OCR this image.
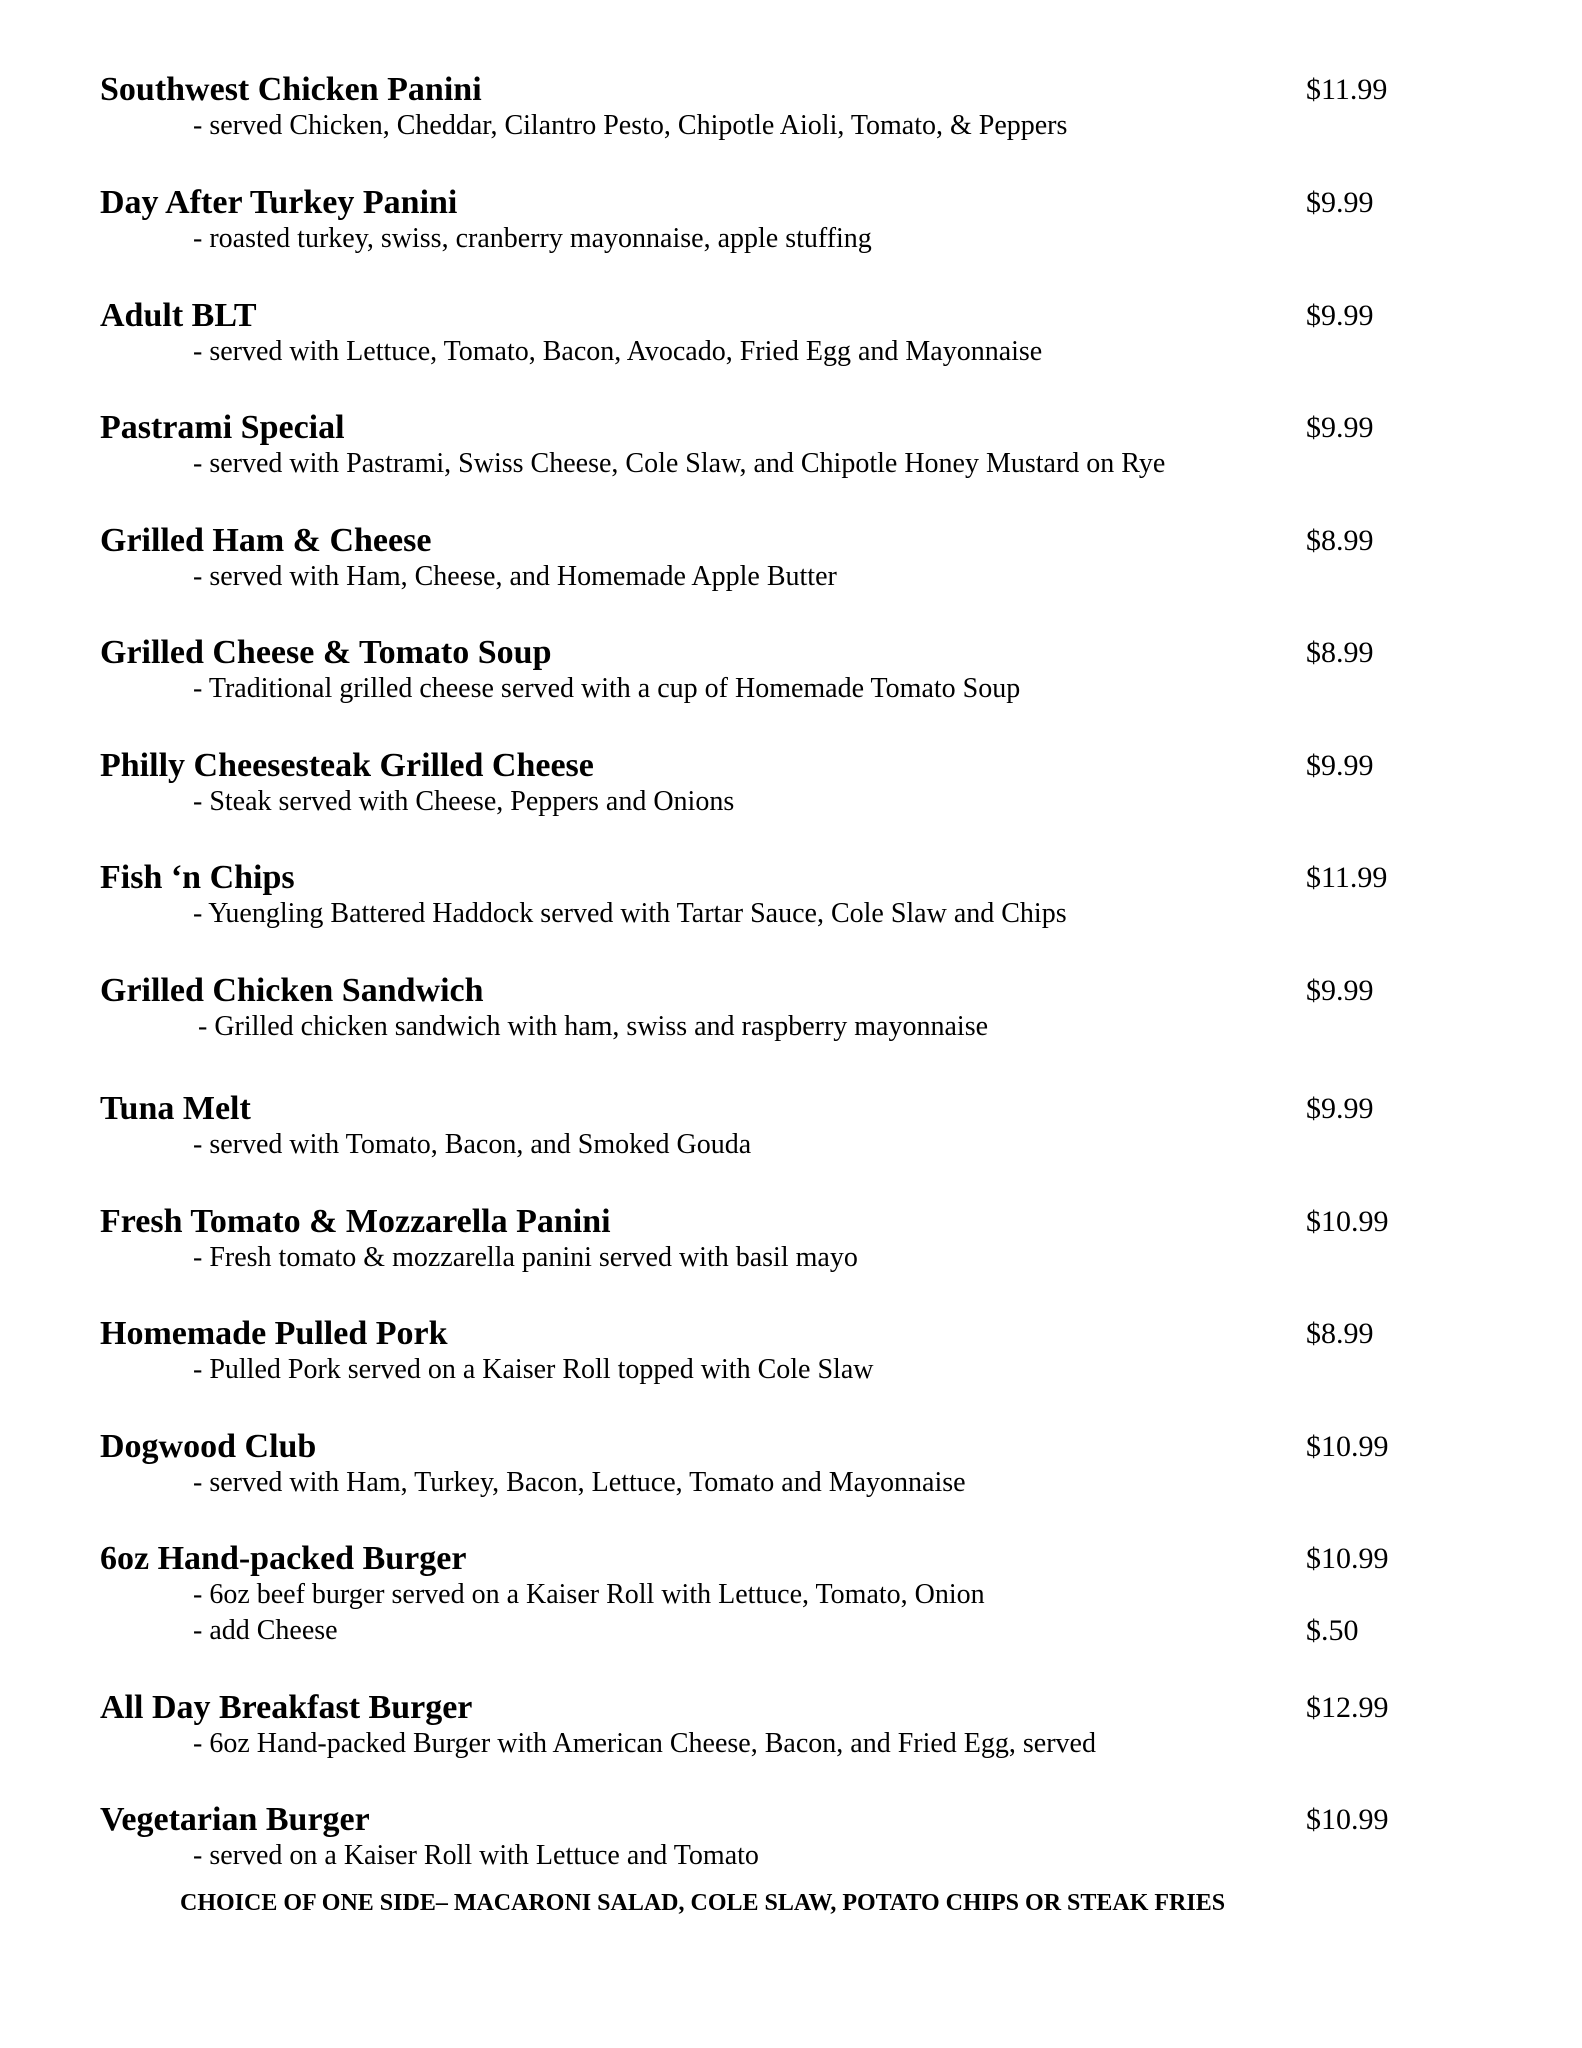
Southwest Chicken Panini	$11.99
- served Chicken, Cheddar, Cilantro Pesto, Chipotle Aioli, Tomato, & Peppers
Day After Turkey Panini	$9.99
- roasted turkey, swiss, cranberry mayonnaise, apple stuffing
Adult BLT	$9.99
- served with Lettuce, Tomato, Bacon, Avocado, Fried Egg and Mayonnaise
Pastrami Special	$9.99
- served with Pastrami, Swiss Cheese, Cole Slaw, and Chipotle Honey Mustard on Rye
Grilled Ham & Cheese	$8.99
- served with Ham, Cheese, and Homemade Apple Butter
Grilled Cheese & Tomato Soup	$8.99
- Traditional grilled cheese served with a cup of Homemade Tomato Soup
Philly Cheesesteak Grilled Cheese	$9.99
- Steak served with Cheese, Peppers and Onions
Fish ‘n Chips	$11.99
- Yuengling Battered Haddock served with Tartar Sauce, Cole Slaw and Chips
Grilled Chicken Sandwich	$9.99
- Grilled chicken sandwich with ham, swiss and raspberry mayonnaise
Tuna Melt	$9.99
- served with Tomato, Bacon, and Smoked Gouda
Fresh Tomato & Mozzarella Panini	$10.99
- Fresh tomato & mozzarella panini served with basil mayo
Homemade Pulled Pork	$8.99
- Pulled Pork served on a Kaiser Roll topped with Cole Slaw
Dogwood Club	$10.99
- served with Ham, Turkey, Bacon, Lettuce, Tomato and Mayonnaise
6oz Hand-packed Burger	$10.99
- 6oz beef burger served on a Kaiser Roll with Lettuce, Tomato, Onion
- add Cheese	$.50
All Day Breakfast Burger	$12.99
- 6oz Hand-packed Burger with American Cheese, Bacon, and Fried Egg, served
Vegetarian Burger	$10.99
- served on a Kaiser Roll with Lettuce and Tomato
CHOICE OF ONE SIDE– MACARONI SALAD, COLE SLAW, POTATO CHIPS OR STEAK FRIES
